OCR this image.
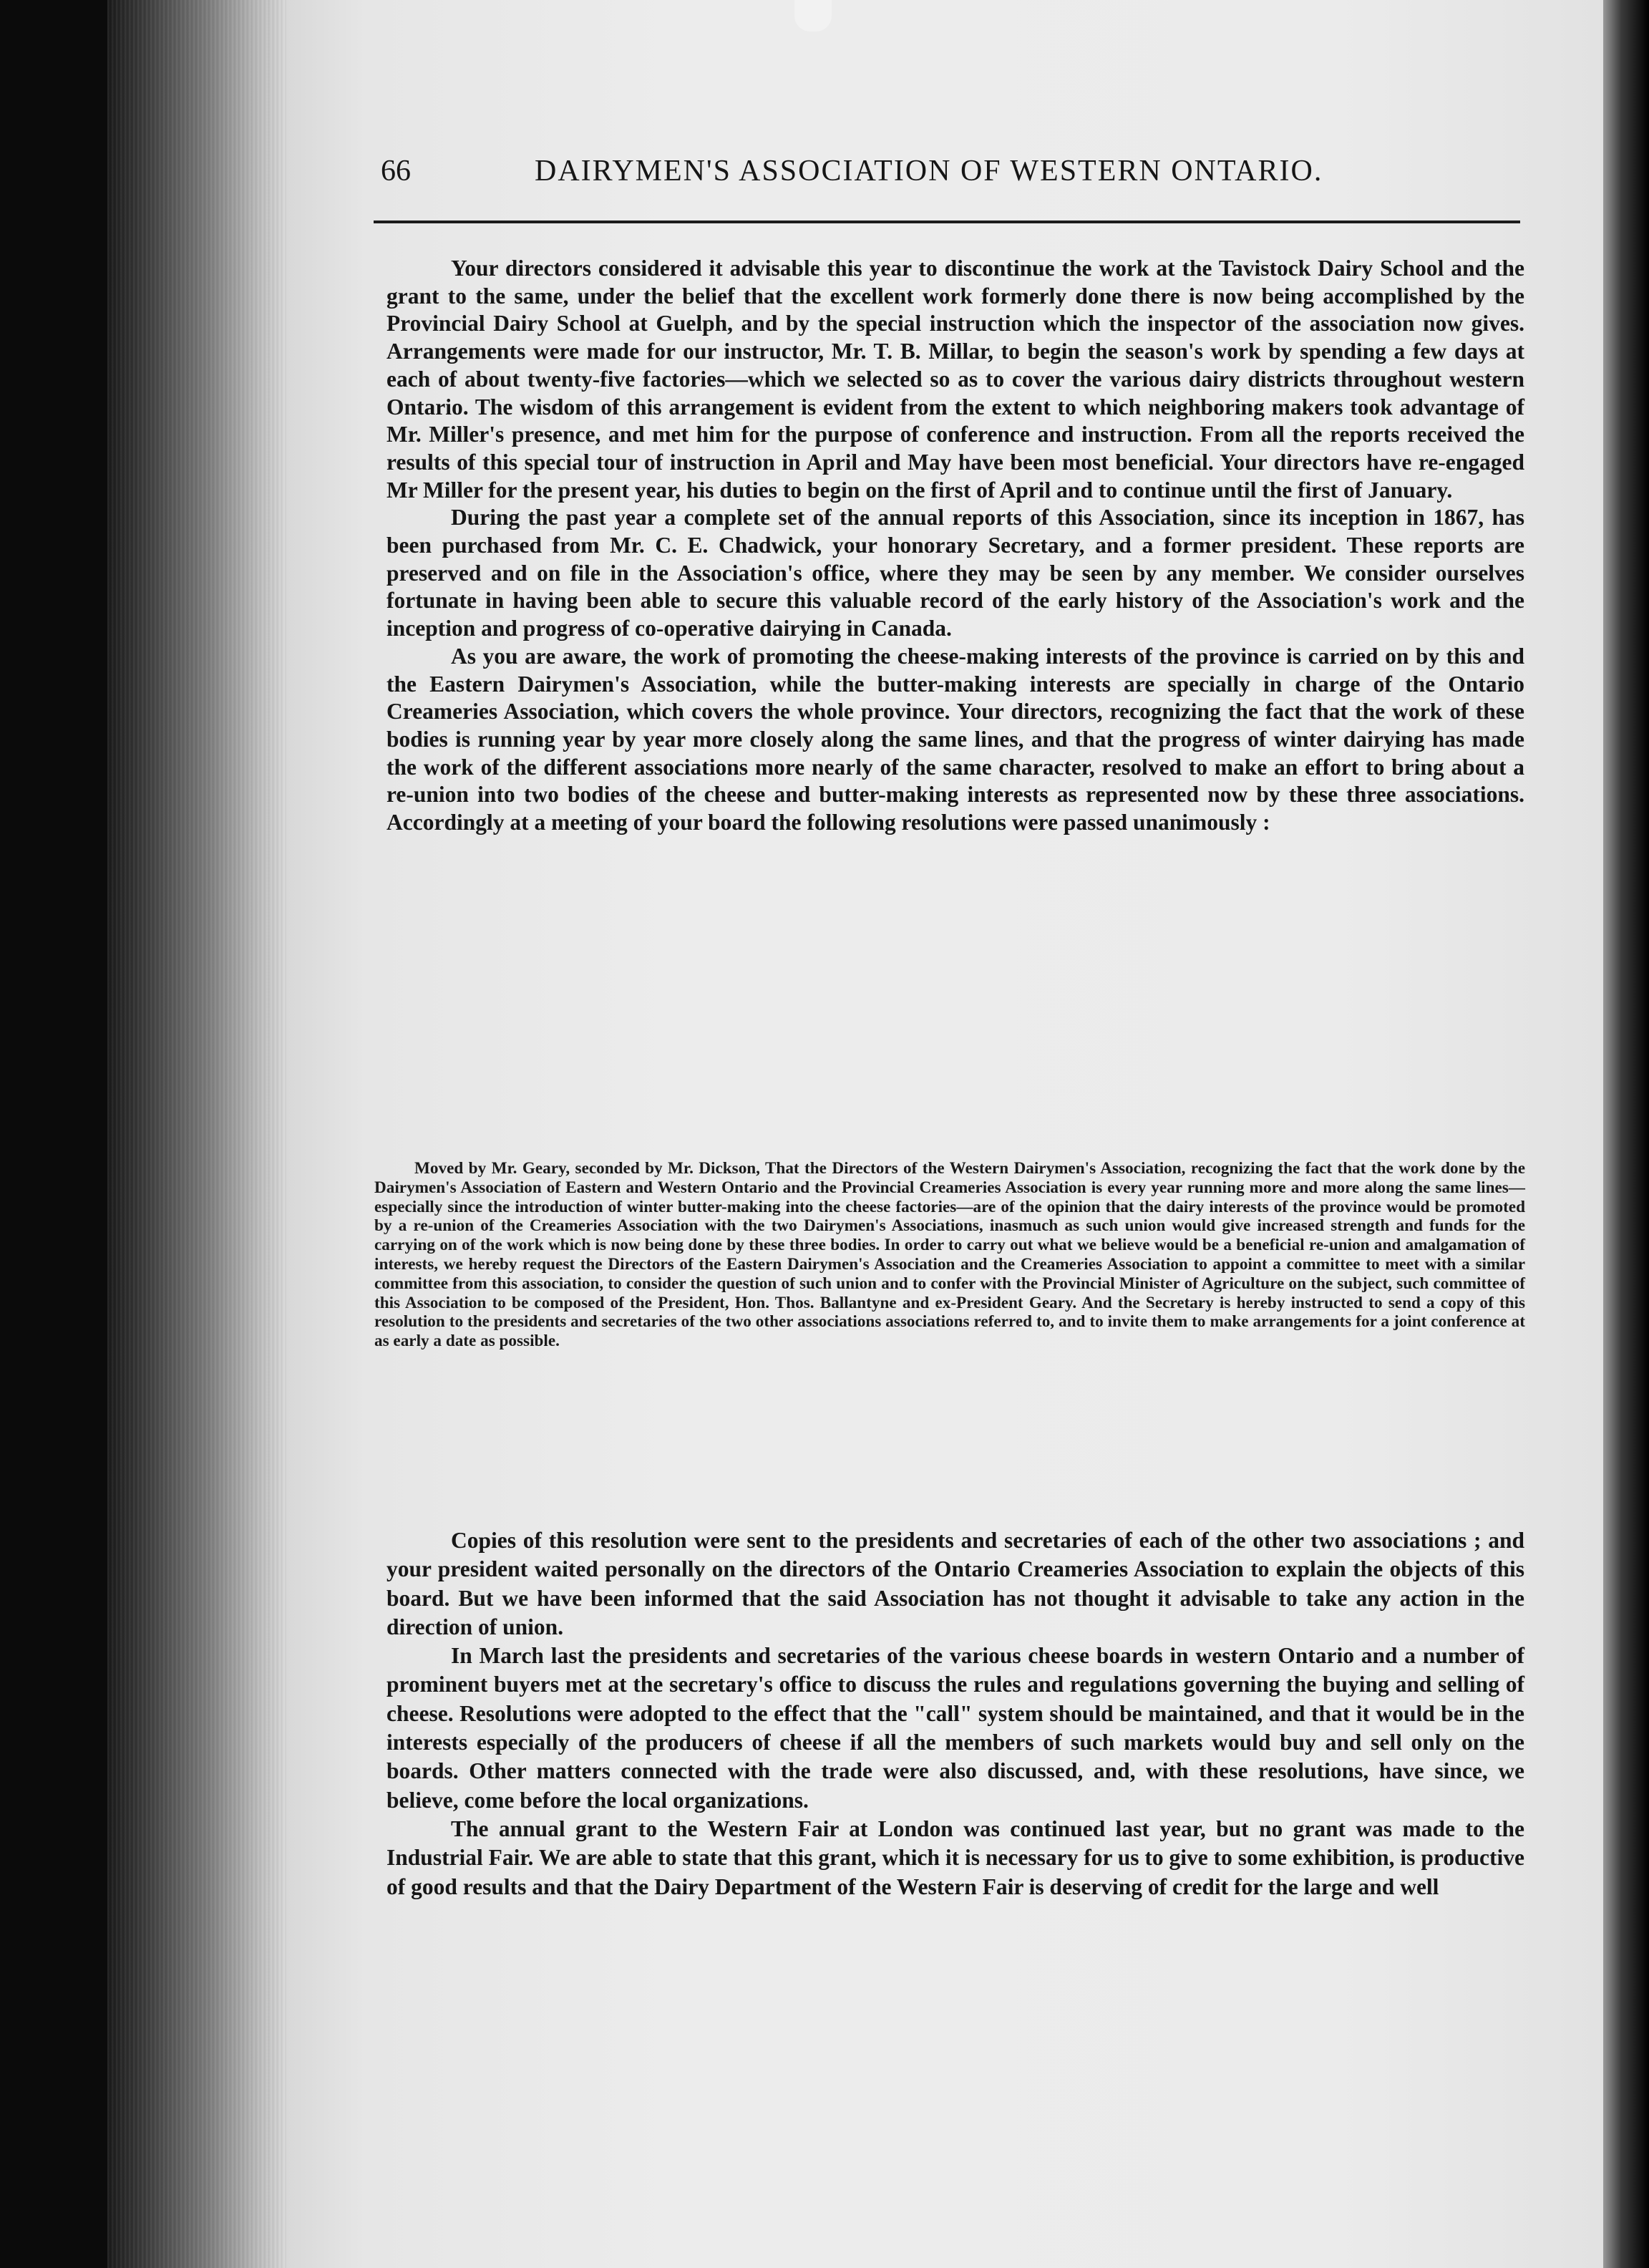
66	DAIRYMEN'S ASSOCIATION OF WESTERN ONTARIO.

Your directors considered it advisable this year to discontinue the work at the Tavistock Dairy School and the grant to the same, under the belief that the excellent work formerly done there is now being accomplished by the Provincial Dairy School at Guelph, and by the special instruction which the inspector of the association now gives. Arrangements were made for our instructor, Mr. T. B. Millar, to begin the season's work by spending a few days at each of about twenty-five factories—which we selected so as to cover the various dairy districts throughout western Ontario. The wisdom of this arrangement is evident from the extent to which neighboring makers took advantage of Mr. Miller's presence, and met him for the purpose of conference and instruction. From all the reports received the results of this special tour of instruction in April and May have been most beneficial. Your directors have re-engaged Mr Miller for the present year, his duties to begin on the first of April and to continue until the first of January.

During the past year a complete set of the annual reports of this Association, since its inception in 1867, has been purchased from Mr. C. E. Chadwick, your honorary Secretary, and a former president. These reports are preserved and on file in the Association's office, where they may be seen by any member. We consider ourselves fortunate in having been able to secure this valuable record of the early history of the Association's work and the inception and progress of co-operative dairying in Canada.

As you are aware, the work of promoting the cheese-making interests of the province is carried on by this and the Eastern Dairymen's Association, while the butter-making interests are specially in charge of the Ontario Creameries Association, which covers the whole province. Your directors, recognizing the fact that the work of these bodies is running year by year more closely along the same lines, and that the progress of winter dairying has made the work of the different associations more nearly of the same character, resolved to make an effort to bring about a re-union into two bodies of the cheese and butter-making interests as represented now by these three associations. Accordingly at a meeting of your board the following resolutions were passed unanimously :

Moved by Mr. Geary, seconded by Mr. Dickson, That the Directors of the Western Dairymen's Association, recognizing the fact that the work done by the Dairymen's Association of Eastern and Western Ontario and the Provincial Creameries Association is every year running more and more along the same lines—especially since the introduction of winter butter-making into the cheese factories—are of the opinion that the dairy interests of the province would be promoted by a re-union of the Creameries Association with the two Dairymen's Associations, inasmuch as such union would give increased strength and funds for the carrying on of the work which is now being done by these three bodies. In order to carry out what we believe would be a beneficial re-union and amalgamation of interests, we hereby request the Directors of the Eastern Dairymen's Association and the Creameries Association to appoint a committee to meet with a similar committee from this association, to consider the question of such union and to confer with the Provincial Minister of Agriculture on the subject, such committee of this Association to be composed of the President, Hon. Thos. Ballantyne and ex-President Geary. And the Secretary is hereby instructed to send a copy of this resolution to the presidents and secretaries of the two other associations associations referred to, and to invite them to make arrangements for a joint conference at as early a date as possible.

Copies of this resolution were sent to the presidents and secretaries of each of the other two associations ; and your president waited personally on the directors of the Ontario Creameries Association to explain the objects of this board. But we have been informed that the said Association has not thought it advisable to take any action in the direction of union.

In March last the presidents and secretaries of the various cheese boards in western Ontario and a number of prominent buyers met at the secretary's office to discuss the rules and regulations governing the buying and selling of cheese. Resolutions were adopted to the effect that the "call" system should be maintained, and that it would be in the interests especially of the producers of cheese if all the members of such markets would buy and sell only on the boards. Other matters connected with the trade were also discussed, and, with these resolutions, have since, we believe, come before the local organizations.

The annual grant to the Western Fair at London was continued last year, but no grant was made to the Industrial Fair. We are able to state that this grant, which it is necessary for us to give to some exhibition, is productive of good results and that the Dairy Department of the Western Fair is deserving of credit for the large and well
